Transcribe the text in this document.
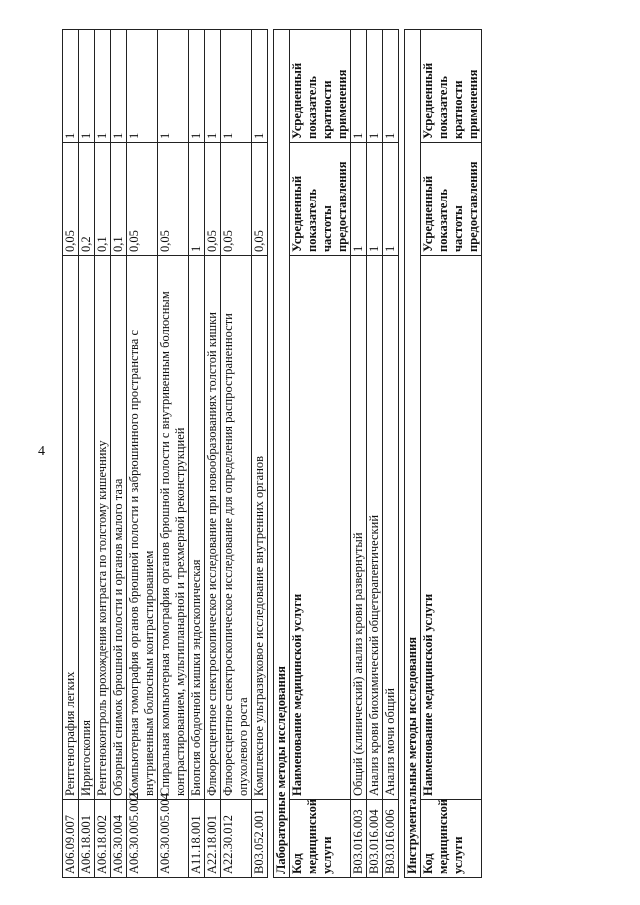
4
A06.09.007	Рентгенография легких	0,05	1
A06.18.001	Ирригоскопия	0,2	1
A06.18.002	Рентгеноконтроль прохождения контраста по толстому кишечнику	0,1	1
A06.30.004	Обзорный снимок брюшной полости и органов малого таза	0,1	1
A06.30.005.002	Компьютерная томография органов брюшной полости и забрюшинного пространства с внутривенным болюсным контрастированием	0,05	1
A06.30.005.004	Спиральная компьютерная томография органов брюшной полости с внутривенным болюсным контрастированием, мультипланарной и трехмерной реконструкцией	0,05	1
A11.18.001	Биопсия ободочной кишки эндоскопическая	1	1
A22.18.001	Флюоресцентное спектроскопическое исследование при новообразованиях толстой кишки	0,05	1
A22.30.012	Флюоресцентное спектроскопическое исследование для определения распространенности опухолевого роста	0,05	1
B03.052.001	Комплексное ультразвуковое исследование внутренних органов	0,05	1

Лабораторные методы исследования			
Код медицинской услуги	Наименование медицинской услуги	Усредненный показатель частоты предоставления	Усредненный показатель кратности применения
B03.016.003	Общий (клинический) анализ крови развернутый	1	1
B03.016.004	Анализ крови биохимический общетерапевтический	1	1
B03.016.006	Анализ мочи общий	1	1

Инструментальные методы исследования			
Код медицинской услуги	Наименование медицинской услуги	Усредненный показатель частоты предоставления	Усредненный показатель кратности применения
